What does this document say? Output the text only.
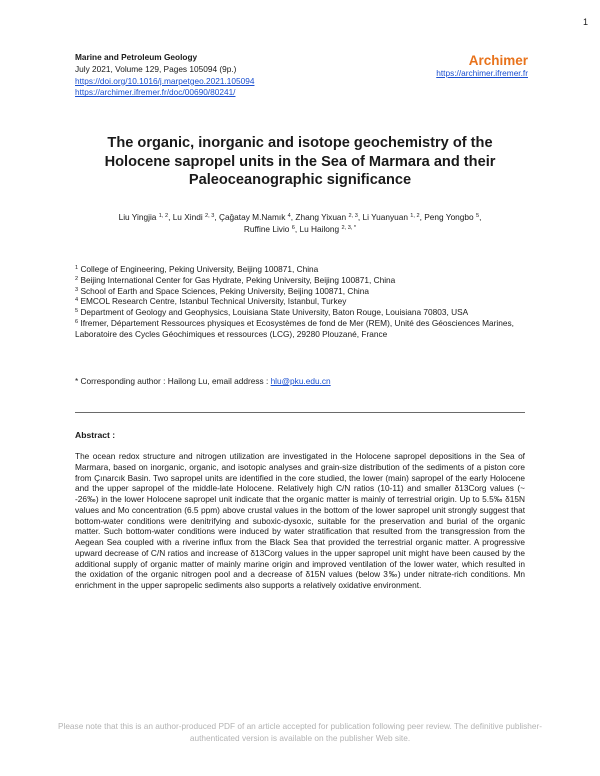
1
Marine and Petroleum Geology
July 2021, Volume 129, Pages 105094 (9p.)
https://doi.org/10.1016/j.marpetgeo.2021.105094
https://archimer.ifremer.fr/doc/00690/80241/
Archimer
https://archimer.ifremer.fr
The organic, inorganic and isotope geochemistry of the Holocene sapropel units in the Sea of Marmara and their Paleoceanographic significance
Liu Yingjia $^{1, 2}$, Lu Xindi $^{2, 3}$, Çağatay M.Namık $^4$, Zhang Yixuan $^{2, 3}$, Li Yuanyuan $^{1, 2}$, Peng Yongbo $^5$,
Ruffine Livio $^6$, Lu Hailong $^{2, 3, *}$

$^1$ College of Engineering, Peking University, Beijing 100871, China

$^2$ Beijing International Center for Gas Hydrate, Peking University, Beijing 100871, China

$^3$ School of Earth and Space Sciences, Peking University, Beijing 100871, China

$^4$ EMCOL Research Centre, Istanbul Technical University, Istanbul, Turkey

$^5$ Department of Geology and Geophysics, Louisiana State University, Baton Rouge, Louisiana 70803, USA

$^6$ Ifremer, Département Ressources physiques et Ecosystèmes de fond de Mer (REM), Unité des Géosciences Marines, Laboratoire des Cycles Géochimiques et ressources (LCG), 29280 Plouzané, France

* Corresponding author : Hailong Lu, email address : hlu@pku.edu.cn
Abstract :
The ocean redox structure and nitrogen utilization are investigated in the Holocene sapropel depositions in the Sea of Marmara, based on inorganic, organic, and isotopic analyses and grain-size distribution of the sediments of a piston core from Çınarcık Basin. Two sapropel units are identified in the core studied, the lower (main) sapropel of the early Holocene and the upper sapropel of the middle-late Holocene. Relatively high C/N ratios (10-11) and smaller δ13Corg values (~ -26‰) in the lower Holocene sapropel unit indicate that the organic matter is mainly of terrestrial origin. Up to 5.5‰ δ15N values and Mo concentration (6.5 ppm) above crustal values in the bottom of the lower sapropel unit strongly suggest that bottom-water conditions were denitrifying and suboxic-dysoxic, suitable for the preservation and burial of the organic matter. Such bottom-water conditions were induced by water stratification that resulted from the transgression from the Aegean Sea coupled with a riverine influx from the Black Sea that provided the terrestrial organic matter. A progressive upward decrease of C/N ratios and increase of δ13Corg values in the upper sapropel unit might have been caused by the additional supply of organic matter of mainly marine origin and improved ventilation of the lower water, which resulted in the oxidation of the organic nitrogen pool and a decrease of δ15N values (below 3‰) under nitrate-rich conditions. Mn enrichment in the upper sapropelic sediments also supports a relatively oxidative environment.
Please note that this is an author-produced PDF of an article accepted for publication following peer review. The definitive publisher-authenticated version is available on the publisher Web site.
